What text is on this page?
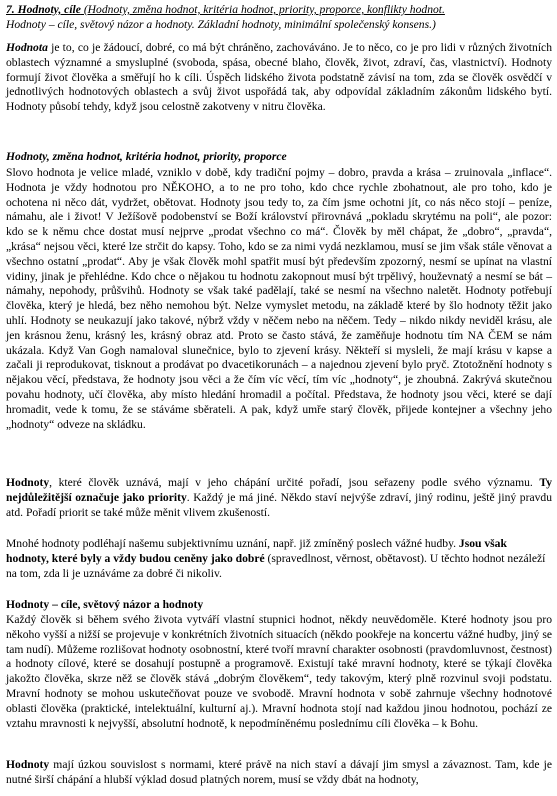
7. Hodnoty, cíle (Hodnoty, změna hodnot, kritéria hodnot, priority, proporce, konflikty hodnot.
Hodnoty – cíle, světový názor a hodnoty. Základní hodnoty, minimální společenský konsens.)

Hodnota je to, co je žádoucí, dobré, co má být chráněno, zachováváno. Je to něco, co je pro lidi v různých životních oblastech významné a smysluplné (svoboda, spása, obecné blaho, člověk, život, zdraví, čas, vlastnictví). Hodnoty formují život člověka a směřují ho k cíli. Úspěch lidského života podstatně závisí na tom, zda se člověk osvědčí v jednotlivých hodnotových oblastech a svůj život uspořádá tak, aby odpovídal základním zákonům lidského bytí. Hodnoty působí tehdy, když jsou celostně zakotveny v nitru člověka.

Hodnoty, změna hodnot, kritéria hodnot, priority, proporce

Slovo hodnota je velice mladé, vzniklo v době, kdy tradiční pojmy – dobro, pravda a krása – zruinovala „inflace“. Hodnota je vždy hodnotou pro NĚKOHO, a to ne pro toho, kdo chce rychle zbohatnout, ale pro toho, kdo je ochotena ni něco dát, vydržet, obětovat. Hodnoty jsou tedy to, za čím jsme ochotni jít, co nás něco stojí – peníze, námahu, ale i život! V Ježíšově podobenství se Boží království přirovnává „pokladu skrytému na poli“, ale pozor: kdo se k němu chce dostat musí nejprve „prodat všechno co má“. Člověk by měl chápat, že „dobro“, „pravda“, „krása“ nejsou věci, které lze strčit do kapsy. Toho, kdo se za nimi vydá nezklamou, musí se jim však stále věnovat a všechno ostatní „prodat“. Aby je však člověk mohl spatřit musí být především zpozorný, nesmí se upínat na vlastní vidiny, jinak je přehlédne. Kdo chce o nějakou tu hodnotu zakopnout musí být trpělivý, houževnatý a nesmí se bát – námahy, nepohody, průšvihů. Hodnoty se však také padělají, také se nesmí na všechno naletět. Hodnoty potřebují člověka, který je hledá, bez něho nemohou být. Nelze vymyslet metodu, na základě které by šlo hodnoty těžit jako uhlí. Hodnoty se neukazují jako takové, nýbrž vždy v něčem nebo na něčem. Tedy – nikdo nikdy neviděl krásu, ale jen krásnou ženu, krásný les, krásný obraz atd. Proto se často stává, že zaměňuje hodnotu tím NA ČEM se nám ukázala. Když Van Gogh namaloval slunečnice, bylo to zjevení krásy. Někteří si mysleli, že mají krásu v kapse a začali ji reprodukovat, tisknout a prodávat po dvacetikorunách – a najednou zjevení bylo pryč. Ztotožnění hodnoty s nějakou věcí, představa, že hodnoty jsou věci a že čím víc věcí, tím víc „hodnoty“, je zhoubná. Zakrývá skutečnou povahu hodnoty, učí člověka, aby místo hledání hromadil a počítal. Představa, že hodnoty jsou věci, které se dají hromadit, vede k tomu, že se stáváme sběrateli. A pak, když umře starý člověk, přijede kontejner a všechny jeho „hodnoty“ odveze na skládku.

Hodnoty, které člověk uznává, mají v jeho chápání určité pořadí, jsou seřazeny podle svého významu. Ty nejdůležitější označuje jako priority. Každý je má jiné. Někdo staví nejvýše zdraví, jiný rodinu, ještě jiný pravdu atd. Pořadí priorit se také může měnit vlivem zkušeností.

Mnohé hodnoty podléhají našemu subjektivnímu uznání, např. již zmíněný poslech vážné hudby. Jsou však hodnoty, které byly a vždy budou ceněny jako dobré (spravedlnost, věrnost, obětavost). U těchto hodnot nezáleží na tom, zda li je uznáváme za dobré či nikoliv.

Hodnoty – cíle, světový názor a hodnoty

Každý člověk si během svého života vytváří vlastní stupnici hodnot, někdy neuvědoměle. Které hodnoty jsou pro někoho vyšší a nižší se projevuje v konkrétních životních situacích (někdo pookřeje na koncertu vážné hudby, jiný se tam nudí). Můžeme rozlišovat hodnoty osobnostní, které tvoří mravní charakter osobnosti (pravdomluvnost, čestnost) a hodnoty cílové, které se dosahují postupně a programově. Existují také mravní hodnoty, které se týkají člověka jakožto člověka, skrze něž se člověk stává „dobrým člověkem“, tedy takovým, který plně rozvinul svoji podstatu. Mravní hodnoty se mohou uskutečňovat pouze ve svobodě. Mravní hodnota v sobě zahrnuje všechny hodnotové oblasti člověka (praktické, intelektuální, kulturní aj.). Mravní hodnota stojí nad každou jinou hodnotou, pochází ze vztahu mravnosti k nejvyšší, absolutní hodnotě, k nepodmíněnému poslednímu cíli člověka – k Bohu.

Hodnoty mají úzkou souvislost s normami, které právě na nich staví a dávají jim smysl a závaznost. Tam, kde je nutné širší chápání a hlubší výklad dosud platných norem, musí se vždy dbát na hodnoty,
